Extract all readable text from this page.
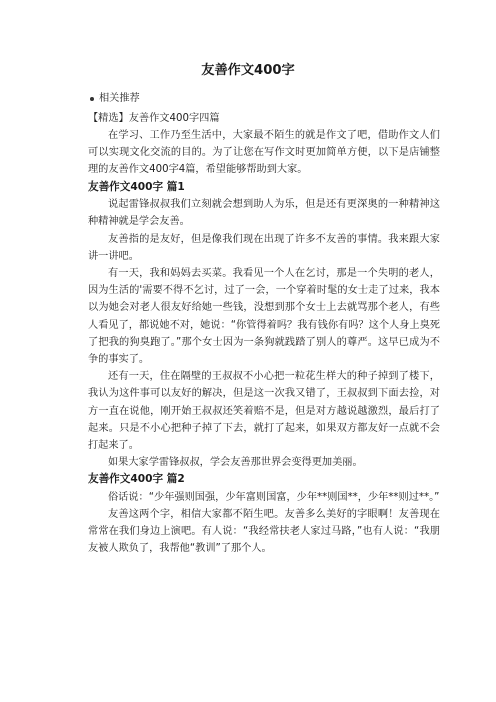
友善作文400字
相关推荐

【精选】友善作文400字四篇

在学习、工作乃至生活中，大家最不陌生的就是作文了吧，借助作文人们可以实现文化交流的目的。为了让您在写作文时更加简单方便，以下是店铺整理的友善作文400字4篇，希望能够帮助到大家。

友善作文400字 篇1

说起雷锋叔叔我们立刻就会想到助人为乐，但是还有更深奥的一种精神这种精神就是学会友善。

友善指的是友好，但是像我们现在出现了许多不友善的事情。我来跟大家讲一讲吧。

有一天，我和妈妈去买菜。我看见一个人在乞讨，那是一个失明的老人，因为生活的'需要不得不乞讨，过了一会，一个穿着时髦的女士走了过来，我本以为她会对老人很友好给她一些钱，没想到那个女士上去就骂那个老人，有些人看见了，都说她不对，她说：“你管得着吗？我有钱你有吗？这个人身上臭死了把我的狗臭跑了。”那个女士因为一条狗就践踏了别人的尊严。这早已成为不争的事实了。

还有一天，住在隔壁的王叔叔不小心把一粒花生样大的种子掉到了楼下，我认为这件事可以友好的解决，但是这一次我又错了，王叔叔到下面去捡，对方一直在说他，刚开始王叔叔还笑着赔不是，但是对方越说越激烈，最后打了起来。只是不小心把种子掉了下去，就打了起来，如果双方都友好一点就不会打起来了。

如果大家学雷锋叔叔，学会友善那世界会变得更加美丽。

友善作文400字 篇2

俗话说：“少年强则国强，少年富则国富，少年**则国**，少年**则过**。”

友善这两个字，相信大家都不陌生吧。友善多么美好的字眼啊！友善现在常常在我们身边上演吧。有人说：“我经常扶老人家过马路，”也有人说：“我朋友被人欺负了，我帮他“教训”了那个人。
